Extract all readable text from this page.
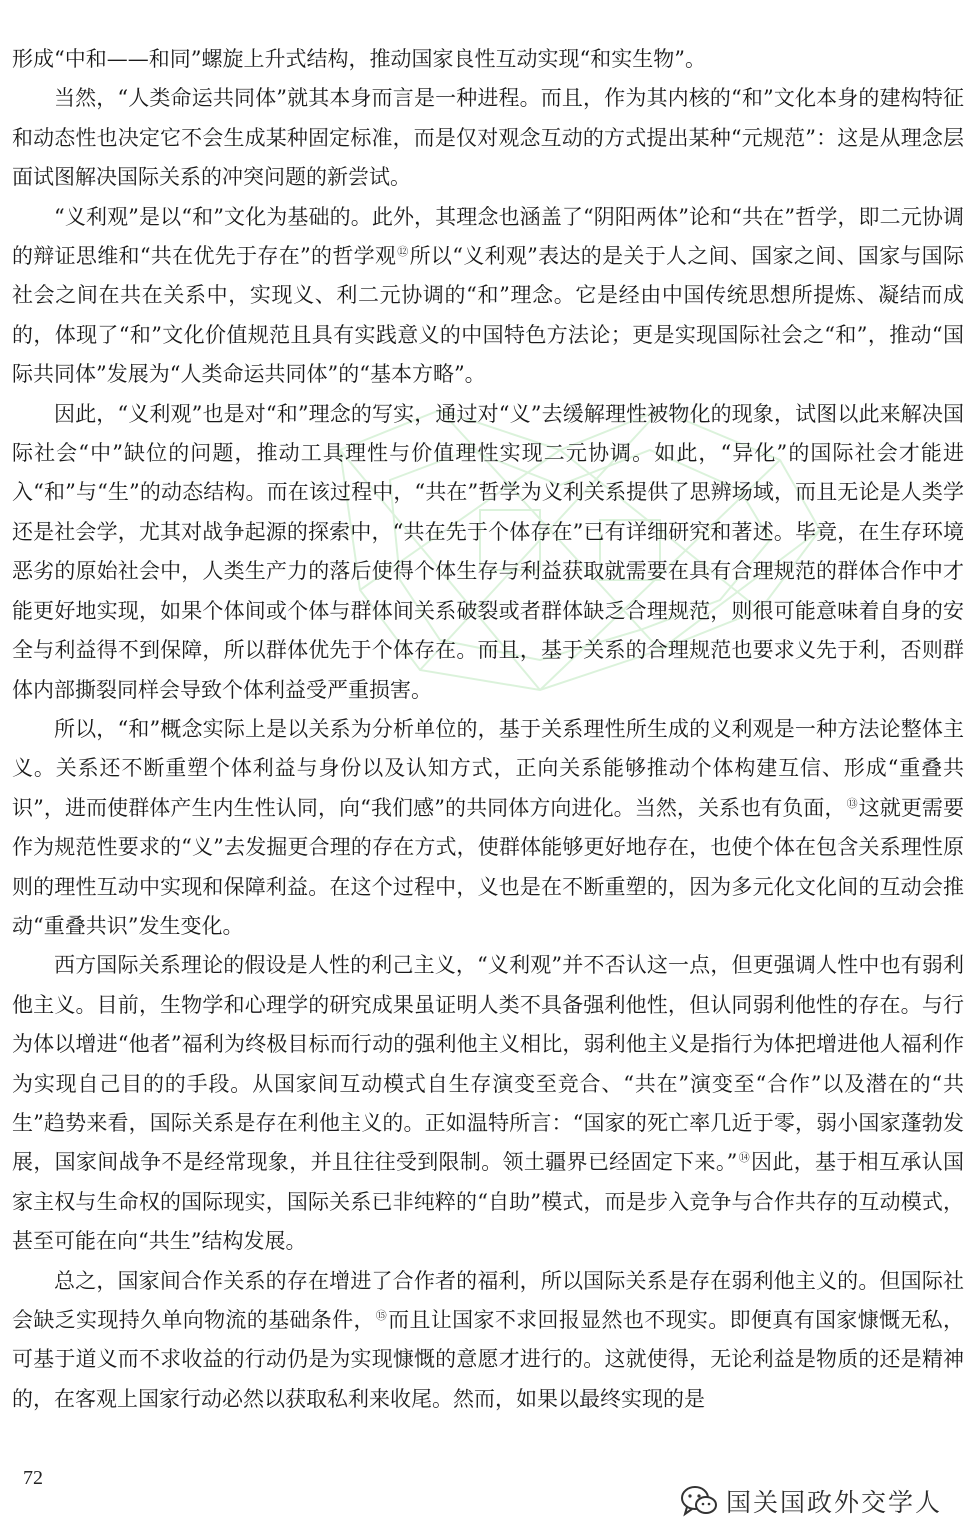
形成“中和——和同”螺旋上升式结构，推动国家良性互动实现“和实生物”。

当然，“人类命运共同体”就其本身而言是一种进程。而且，作为其内核的“和”文化本身的建构特征和动态性也决定它不会生成某种固定标准，而是仅对观念互动的方式提出某种“元规范”：这是从理念层面试图解决国际关系的冲突问题的新尝试。

“义利观”是以“和”文化为基础的。此外，其理念也涵盖了“阴阳两体”论和“共在”哲学，即二元协调的辩证思维和“共在优先于存在”的哲学观⑫所以“义利观”表达的是关于人之间、国家之间、国家与国际社会之间在共在关系中，实现义、利二元协调的“和”理念。它是经由中国传统思想所提炼、凝结而成的，体现了“和”文化价值规范且具有实践意义的中国特色方法论；更是实现国际社会之“和”，推动“国际共同体”发展为“人类命运共同体”的“基本方略”。

因此，“义利观”也是对“和”理念的写实，通过对“义”去缓解理性被物化的现象，试图以此来解决国际社会“中”缺位的问题，推动工具理性与价值理性实现二元协调。如此，“异化”的国际社会才能进入“和”与“生”的动态结构。而在该过程中，“共在”哲学为义利关系提供了思辨场域，而且无论是人类学还是社会学，尤其对战争起源的探索中，“共在先于个体存在”已有详细研究和著述。毕竟，在生存环境恶劣的原始社会中，人类生产力的落后使得个体生存与利益获取就需要在具有合理规范的群体合作中才能更好地实现，如果个体间或个体与群体间关系破裂或者群体缺乏合理规范，则很可能意味着自身的安全与利益得不到保障，所以群体优先于个体存在。而且，基于关系的合理规范也要求义先于利，否则群体内部撕裂同样会导致个体利益受严重损害。

所以，“和”概念实际上是以关系为分析单位的，基于关系理性所生成的义利观是一种方法论整体主义。关系还不断重塑个体利益与身份以及认知方式，正向关系能够推动个体构建互信、形成“重叠共识”，进而使群体产生内生性认同，向“我们感”的共同体方向进化。当然，关系也有负面，⑬这就更需要作为规范性要求的“义”去发掘更合理的存在方式，使群体能够更好地存在，也使个体在包含关系理性原则的理性互动中实现和保障利益。在这个过程中，义也是在不断重塑的，因为多元化文化间的互动会推动“重叠共识”发生变化。

西方国际关系理论的假设是人性的利己主义，“义利观”并不否认这一点，但更强调人性中也有弱利他主义。目前，生物学和心理学的研究成果虽证明人类不具备强利他性，但认同弱利他性的存在。与行为体以增进“他者”福利为终极目标而行动的强利他主义相比，弱利他主义是指行为体把增进他人福利作为实现自己目的的手段。从国家间互动模式自生存演变至竞合、“共在”演变至“合作”以及潜在的“共生”趋势来看，国际关系是存在利他主义的。正如温特所言：“国家的死亡率几近于零，弱小国家蓬勃发展，国家间战争不是经常现象，并且往往受到限制。领土疆界已经固定下来。”⑭因此，基于相互承认国家主权与生命权的国际现实，国际关系已非纯粹的“自助”模式，而是步入竞争与合作共存的互动模式，甚至可能在向“共生”结构发展。

总之，国家间合作关系的存在增进了合作者的福利，所以国际关系是存在弱利他主义的。但国际社会缺乏实现持久单向物流的基础条件，⑮而且让国家不求回报显然也不现实。即便真有国家慷慨无私，可基于道义而不求收益的行动仍是为实现慷慨的意愿才进行的。这就使得，无论利益是物质的还是精神的，在客观上国家行动必然以获取私利来收尾。然而，如果以最终实现的是

72
国关国政外交学人
